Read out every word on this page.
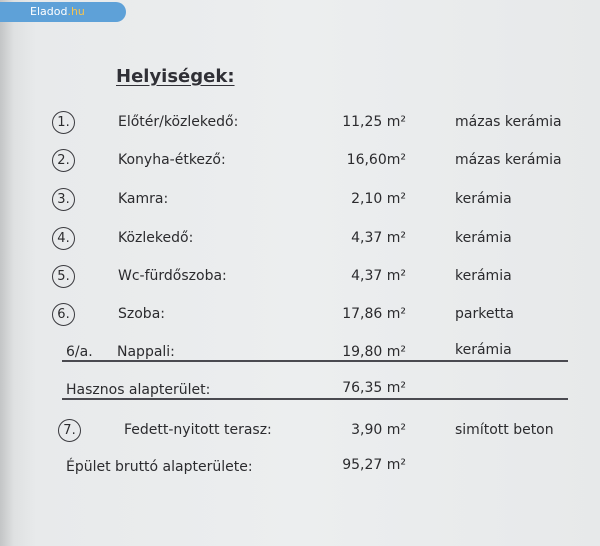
Eladod.hu
Helyiségek:
1.	Előtér/közlekedő:	11,25 m²	mázas kerámia
2.	Konyha-étkező:	16,60m²	mázas kerámia
3.	Kamra:	2,10 m²	kerámia
4.	Közlekedő:	4,37 m²	kerámia
5.	Wc-fürdőszoba:	4,37 m²	kerámia
6.	Szoba:	17,86 m²	parketta
6/a. Nappali:	19,80 m²	kerámia
Hasznos alapterület:	76,35 m²
7.	Fedett-nyitott terasz:	3,90 m²	simított beton
Épület bruttó alapterülete:	95,27 m²
